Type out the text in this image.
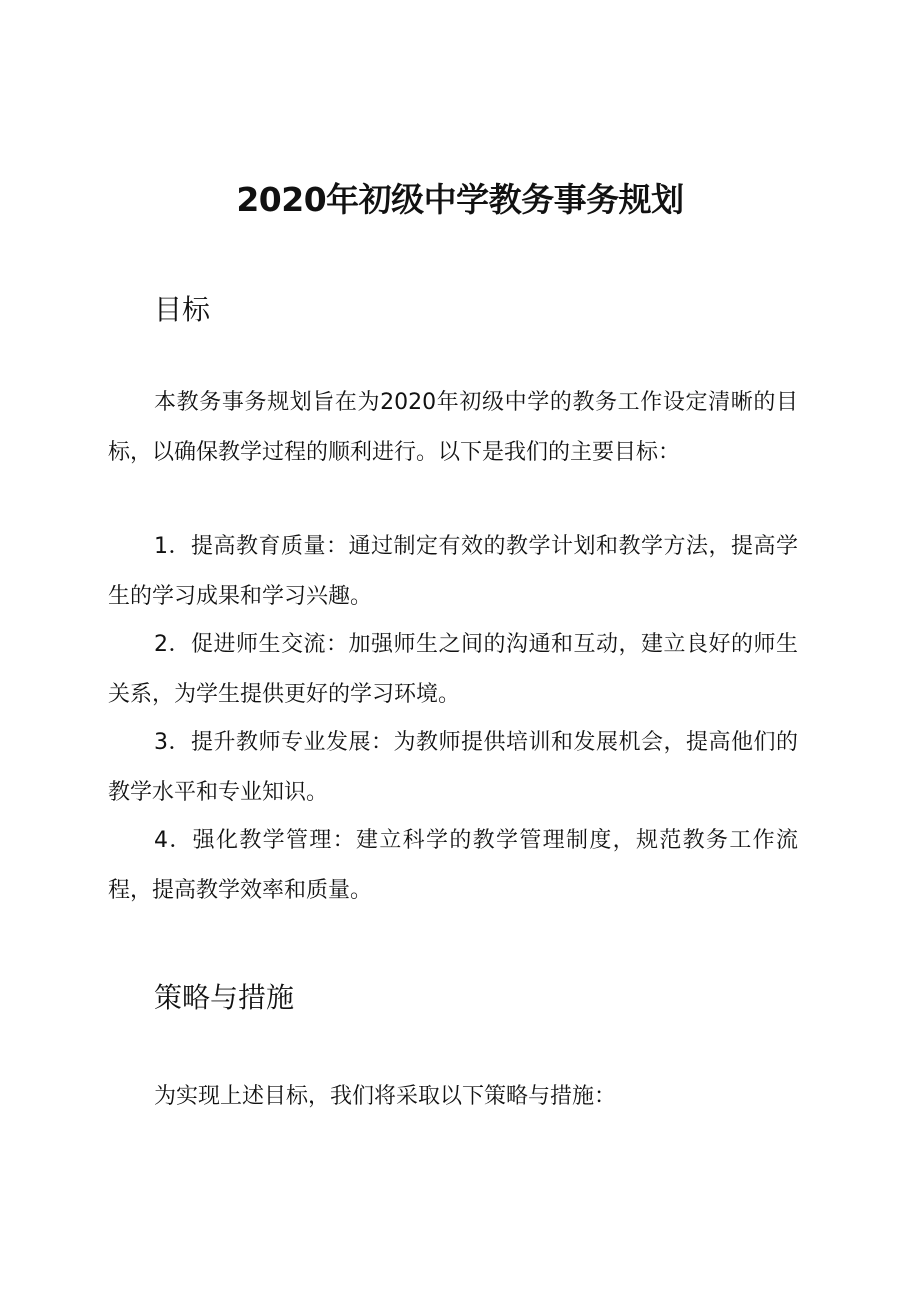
2020年初级中学教务事务规划
目标

本教务事务规划旨在为2020年初级中学的教务工作设定清晰的目标，以确保教学过程的顺利进行。以下是我们的主要目标：

1．提高教育质量：通过制定有效的教学计划和教学方法，提高学生的学习成果和学习兴趣。

2．促进师生交流：加强师生之间的沟通和互动，建立良好的师生关系，为学生提供更好的学习环境。

3．提升教师专业发展：为教师提供培训和发展机会，提高他们的教学水平和专业知识。

4．强化教学管理：建立科学的教学管理制度，规范教务工作流程，提高教学效率和质量。

策略与措施

为实现上述目标，我们将采取以下策略与措施：
